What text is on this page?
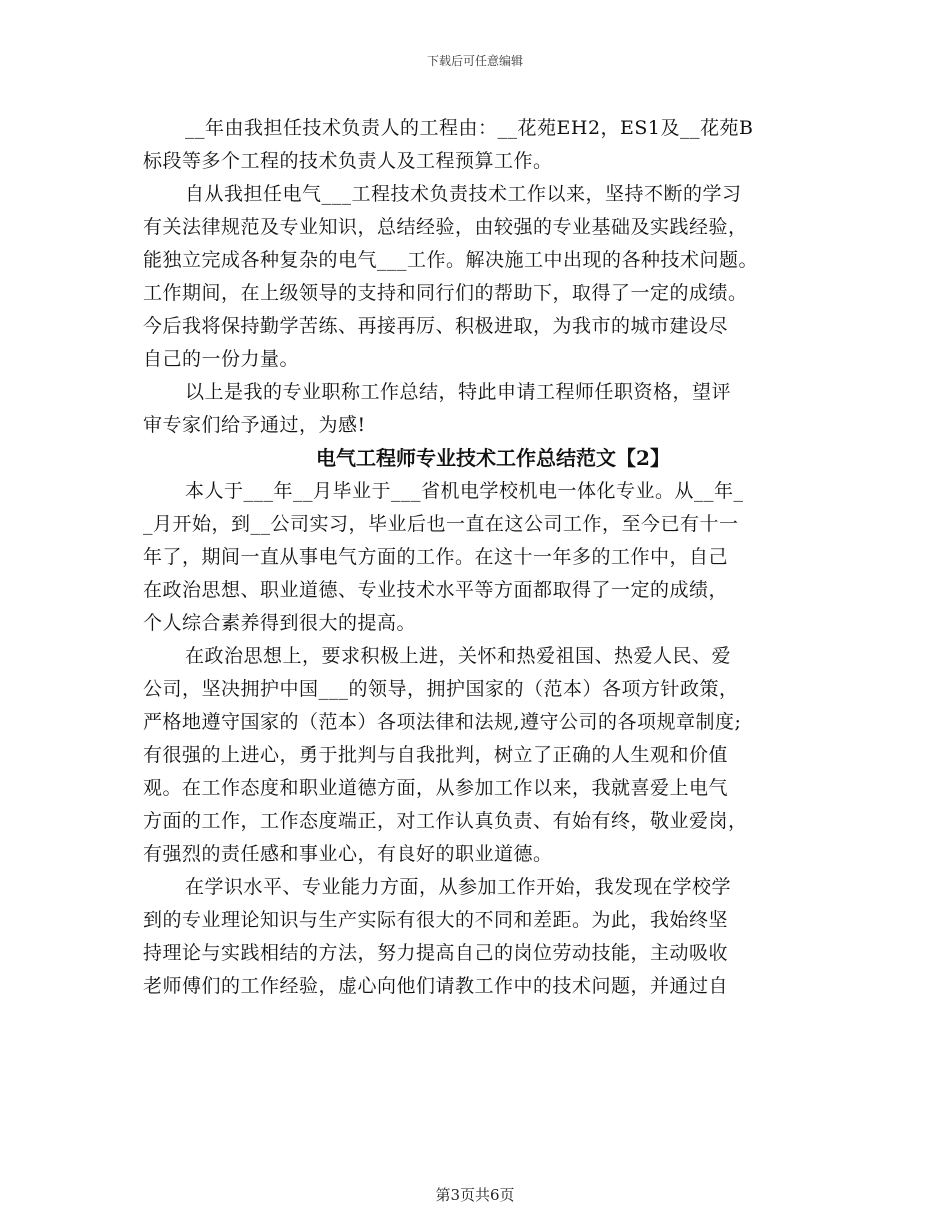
下载后可任意编辑
__年由我担任技术负责人的工程由：__花苑EH2，ES1及__花苑B
标段等多个工程的技术负责人及工程预算工作。
自从我担任电气___工程技术负责技术工作以来，坚持不断的学习
有关法律规范及专业知识，总结经验，由较强的专业基础及实践经验，
能独立完成各种复杂的电气___工作。解决施工中出现的各种技术问题。
工作期间，在上级领导的支持和同行们的帮助下，取得了一定的成绩。
今后我将保持勤学苦练、再接再厉、积极进取，为我市的城市建设尽
自己的一份力量。
以上是我的专业职称工作总结，特此申请工程师任职资格，望评
审专家们给予通过，为感!
电气工程师专业技术工作总结范文【2】
本人于___年__月毕业于___省机电学校机电一体化专业。从__年_
_月开始，到__公司实习，毕业后也一直在这公司工作，至今已有十一
年了，期间一直从事电气方面的工作。在这十一年多的工作中，自己
在政治思想、职业道德、专业技术水平等方面都取得了一定的成绩，
个人综合素养得到很大的提高。
在政治思想上，要求积极上进，关怀和热爱祖国、热爱人民、爱
公司，坚决拥护中国___的领导，拥护国家的（范本）各项方针政策，
严格地遵守国家的（范本）各项法律和法规,遵守公司的各项规章制度;
有很强的上进心，勇于批判与自我批判，树立了正确的人生观和价值
观。在工作态度和职业道德方面，从参加工作以来，我就喜爱上电气
方面的工作，工作态度端正，对工作认真负责、有始有终，敬业爱岗，
有强烈的责任感和事业心，有良好的职业道德。
在学识水平、专业能力方面，从参加工作开始，我发现在学校学
到的专业理论知识与生产实际有很大的不同和差距。为此，我始终坚
持理论与实践相结的方法，努力提高自己的岗位劳动技能，主动吸收
老师傅们的工作经验，虚心向他们请教工作中的技术问题，并通过自
第3页共6页
